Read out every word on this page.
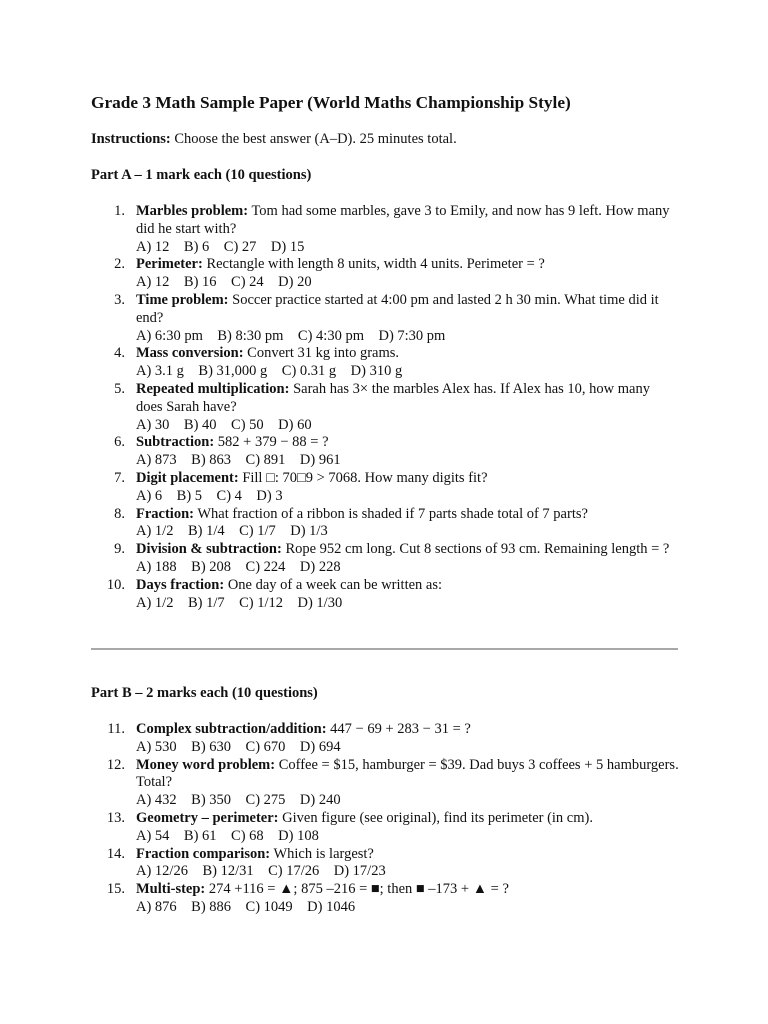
Grade 3 Math Sample Paper (World Maths Championship Style)

Instructions: Choose the best answer (A–D). 25 minutes total.

Part A – 1 mark each (10 questions)

1. Marbles problem: Tom had some marbles, gave 3 to Emily, and now has 9 left. How many did he start with?
A) 12    B) 6    C) 27    D) 15
2. Perimeter: Rectangle with length 8 units, width 4 units. Perimeter = ?
A) 12    B) 16    C) 24    D) 20
3. Time problem: Soccer practice started at 4:00 pm and lasted 2 h 30 min. What time did it end?
A) 6:30 pm    B) 8:30 pm    C) 4:30 pm    D) 7:30 pm
4. Mass conversion: Convert 31 kg into grams.
A) 3.1 g    B) 31,000 g    C) 0.31 g    D) 310 g
5. Repeated multiplication: Sarah has 3× the marbles Alex has. If Alex has 10, how many does Sarah have?
A) 30    B) 40    C) 50    D) 60
6. Subtraction: 582 + 379 − 88 = ?
A) 873    B) 863    C) 891    D) 961
7. Digit placement: Fill □: 70□9 > 7068. How many digits fit?
A) 6    B) 5    C) 4    D) 3
8. Fraction: What fraction of a ribbon is shaded if 7 parts shade total of 7 parts?
A) 1/2    B) 1/4    C) 1/7    D) 1/3
9. Division & subtraction: Rope 952 cm long. Cut 8 sections of 93 cm. Remaining length = ?
A) 188    B) 208    C) 224    D) 228
10. Days fraction: One day of a week can be written as:
A) 1/2    B) 1/7    C) 1/12    D) 1/30

Part B – 2 marks each (10 questions)

11. Complex subtraction/addition: 447 − 69 + 283 − 31 = ?
A) 530    B) 630    C) 670    D) 694
12. Money word problem: Coffee = $15, hamburger = $39. Dad buys 3 coffees + 5 hamburgers. Total?
A) 432    B) 350    C) 275    D) 240
13. Geometry – perimeter: Given figure (see original), find its perimeter (in cm).
A) 54    B) 61    C) 68    D) 108
14. Fraction comparison: Which is largest?
A) 12/26    B) 12/31    C) 17/26    D) 17/23
15. Multi-step: 274 +116 = ▲; 875 –216 = ■; then ■ –173 + ▲ = ?
A) 876    B) 886    C) 1049    D) 1046
